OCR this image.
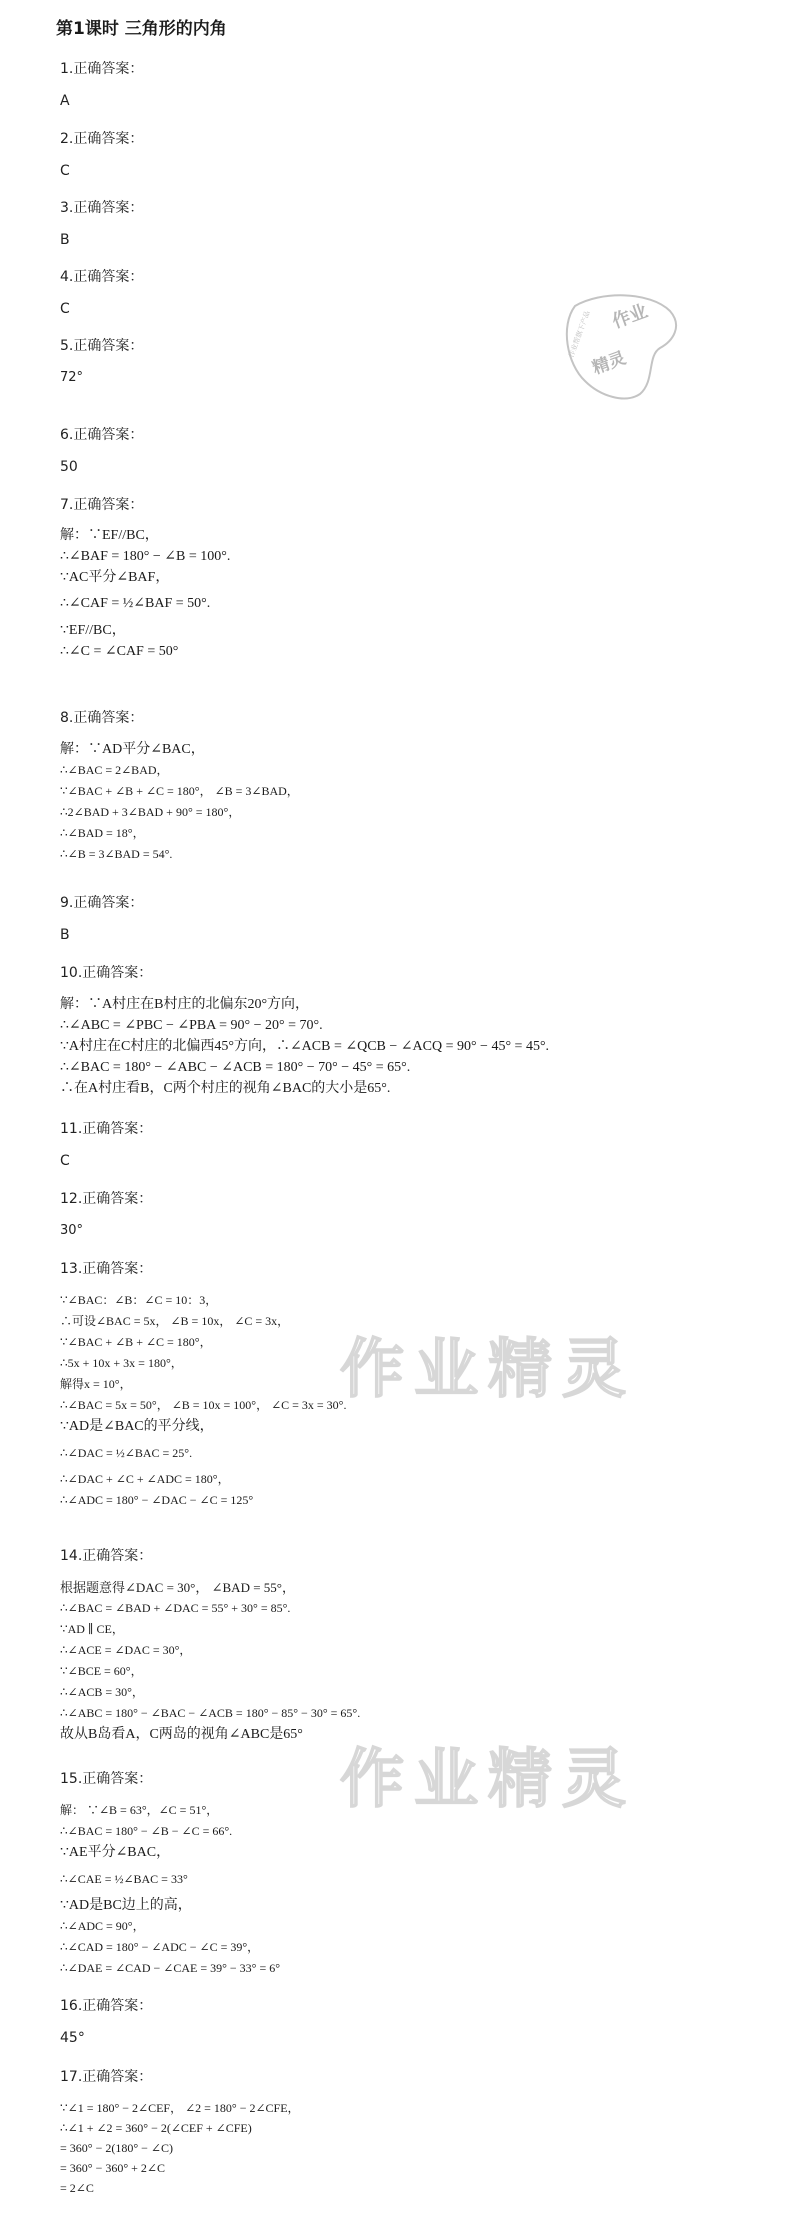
第1课时 三角形的内角
1.正确答案：
A
2.正确答案：
C
3.正确答案：
B
4.正确答案：
C
5.正确答案：
72°
6.正确答案：
50
7.正确答案：
解：∵EF//BC，
∴∠BAF = 180° − ∠B = 100°.
∵AC平分∠BAF，
∴∠CAF = ½∠BAF = 50°.
∵EF//BC，
∴∠C = ∠CAF = 50°
8.正确答案：
解：∵AD平分∠BAC，
∴∠BAC = 2∠BAD，
∵∠BAC + ∠B + ∠C = 180°， ∠B = 3∠BAD，
∴2∠BAD + 3∠BAD + 90° = 180°，
∴∠BAD = 18°，
∴∠B = 3∠BAD = 54°.
9.正确答案：
B
10.正确答案：
解：∵A村庄在B村庄的北偏东20°方向，
∴∠ABC = ∠PBC − ∠PBA = 90° − 20° = 70°.
∵A村庄在C村庄的北偏西45°方向，∴∠ACB = ∠QCB − ∠ACQ = 90° − 45° = 45°.
∴∠BAC = 180° − ∠ABC − ∠ACB = 180° − 70° − 45° = 65°.
∴在A村庄看B，C两个村庄的视角∠BAC的大小是65°.
11.正确答案：
C
12.正确答案：
30°
13.正确答案：
∵∠BAC：∠B：∠C = 10：3，
∴可设∠BAC = 5x， ∠B = 10x， ∠C = 3x，
∵∠BAC + ∠B + ∠C = 180°，
∴5x + 10x + 3x = 180°，
解得x = 10°，
∴∠BAC = 5x = 50°， ∠B = 10x = 100°， ∠C = 3x = 30°.
∵AD是∠BAC的平分线，
∴∠DAC = ½∠BAC = 25°.
∴∠DAC + ∠C + ∠ADC = 180°，
∴∠ADC = 180° − ∠DAC − ∠C = 125°
14.正确答案：
根据题意得∠DAC = 30°， ∠BAD = 55°，
∴∠BAC = ∠BAD + ∠DAC = 55° + 30° = 85°.
∵AD ∥ CE，
∴∠ACE = ∠DAC = 30°，
∵∠BCE = 60°，
∴∠ACB = 30°，
∴∠ABC = 180° − ∠BAC − ∠ACB = 180° − 85° − 30° = 65°.
故从B岛看A，C两岛的视角∠ABC是65°
15.正确答案：
解： ∵∠B = 63°，∠C = 51°，
∴∠BAC = 180° − ∠B − ∠C = 66°.
∵AE平分∠BAC，
∴∠CAE = ½∠BAC = 33°
∵AD是BC边上的高，
∴∠ADC = 90°，
∴∠CAD = 180° − ∠ADC − ∠C = 39°，
∴∠DAE = ∠CAD − ∠CAE = 39° − 33° = 6°
16.正确答案：
45°
17.正确答案：
∵∠1 = 180° − 2∠CEF， ∠2 = 180° − 2∠CFE，
∴∠1 + ∠2 = 360° − 2(∠CEF + ∠CFE)
= 360° − 2(180° − ∠C)
= 360° − 360° + 2∠C
= 2∠C
作业精灵
作业精灵
作业
精灵
作业帮旗下产品
